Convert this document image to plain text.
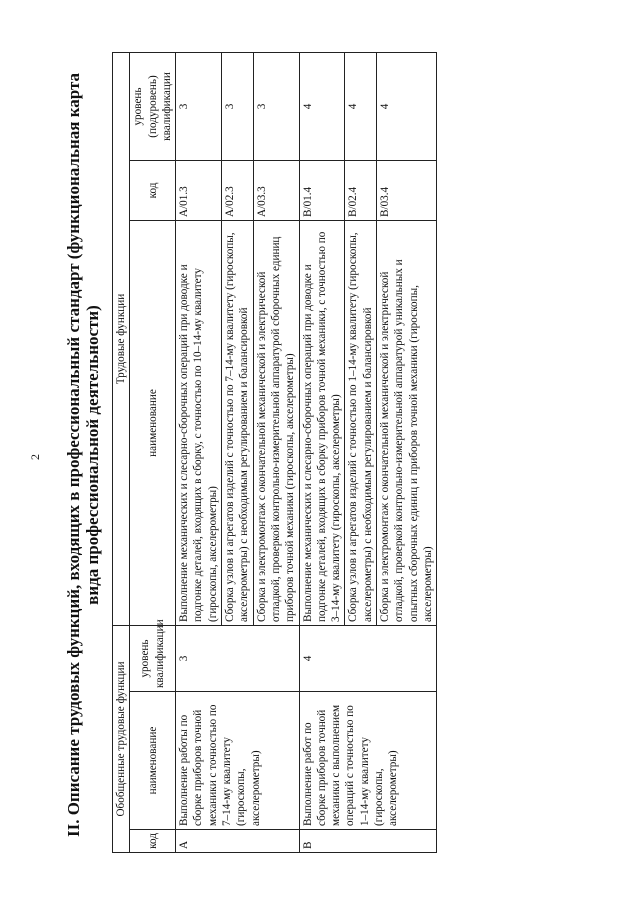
2 II. Описание трудовых функций, входящих в профессиональный стандарт (функциональная карта вида профессиональной деятельности)
Обобщенные трудовые функции			Трудовые функции		
код	наименование	уровень квалификации	наименование	код	уровень (подуровень) квалификации
A	Выполнение работы по сборке приборов точной механики с точностью по 7–14-му квалитету (гироскопы, акселерометры)	3	Выполнение механических и слесарно-сборочных операций при доводке и подгонке деталей, входящих в сборку, с точностью по 10–14-му квалитету (гироскопы, акселерометры)	A/01.3	3
			Сборка узлов и агрегатов изделий с точностью по 7–14-му квалитету (гироскопы, акселерометры) с необходимым регулированием и балансировкой	A/02.3	3
			Сборка и электромонтаж с окончательной механической и электрической отладкой, проверкой контрольно-измерительной аппаратурой сборочных единиц приборов точной механики (гироскопы, акселерометры)	A/03.3	3
B	Выполнение работ по сборке приборов точной механики с выполнением операций с точностью по 1–14-му квалитету (гироскопы, акселерометры)	4	Выполнение механических и слесарно-сборочных операций при доводке и подгонке деталей, входящих в сборку приборов точной механики, с точностью по 3–14-му квалитету (гироскопы, акселерометры)	B/01.4	4
			Сборка узлов и агрегатов изделий с точностью по 1–14-му квалитету (гироскопы, акселерометры) с необходимым регулированием и балансировкой	B/02.4	4
			Сборка и электромонтаж с окончательной механической и электрической отладкой, проверкой контрольно-измерительной аппаратурой уникальных и опытных сборочных единиц и приборов точной механики (гироскопы, акселерометры)	B/03.4	4
